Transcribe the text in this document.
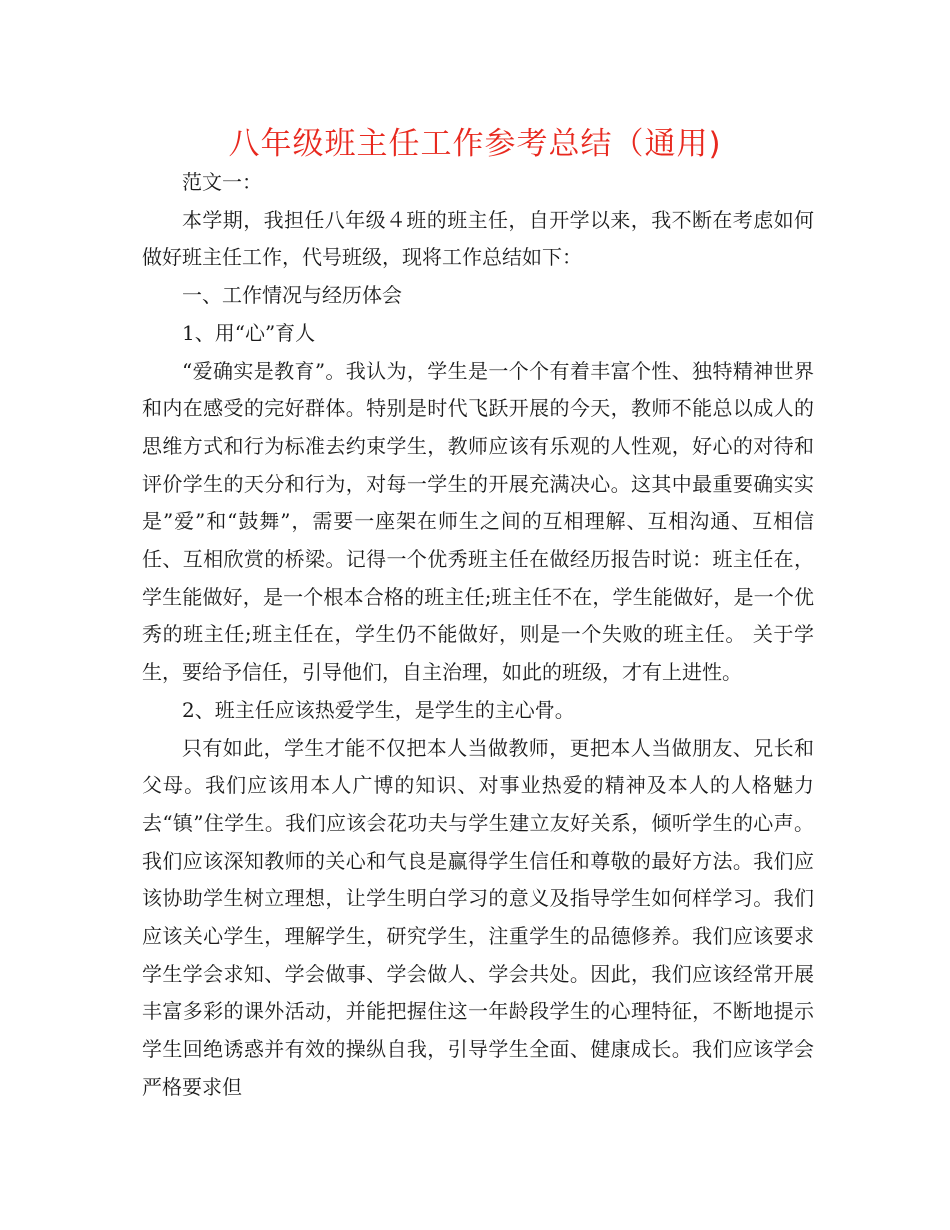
八年级班主任工作参考总结（通用)

范文一：

本学期，我担任八年级４班的班主任，自开学以来，我不断在考虑如何做好班主任工作，代号班级，现将工作总结如下：

一、工作情况与经历体会

1、用“心”育人

“爱确实是教育”。我认为，学生是一个个有着丰富个性、独特精神世界和内在感受的完好群体。特别是时代飞跃开展的今天，教师不能总以成人的思维方式和行为标准去约束学生，教师应该有乐观的人性观，好心的对待和评价学生的天分和行为，对每一学生的开展充满决心。这其中最重要确实实是”爱”和“鼓舞”，需要一座架在师生之间的互相理解、互相沟通、互相信任、互相欣赏的桥梁。记得一个优秀班主任在做经历报告时说：班主任在，学生能做好，是一个根本合格的班主任;班主任不在，学生能做好，是一个优秀的班主任;班主任在，学生仍不能做好，则是一个失败的班主任。 关于学生，要给予信任，引导他们，自主治理，如此的班级，才有上进性。

2、班主任应该热爱学生，是学生的主心骨。

只有如此，学生才能不仅把本人当做教师，更把本人当做朋友、兄长和父母。我们应该用本人广博的知识、对事业热爱的精神及本人的人格魅力去“镇”住学生。我们应该会花功夫与学生建立友好关系，倾听学生的心声。我们应该深知教师的关心和气良是赢得学生信任和尊敬的最好方法。我们应该协助学生树立理想，让学生明白学习的意义及指导学生如何样学习。我们应该关心学生，理解学生，研究学生，注重学生的品德修养。我们应该要求学生学会求知、学会做事、学会做人、学会共处。因此，我们应该经常开展丰富多彩的课外活动，并能把握住这一年龄段学生的心理特征，不断地提示学生回绝诱惑并有效的操纵自我，引导学生全面、健康成长。我们应该学会严格要求但
